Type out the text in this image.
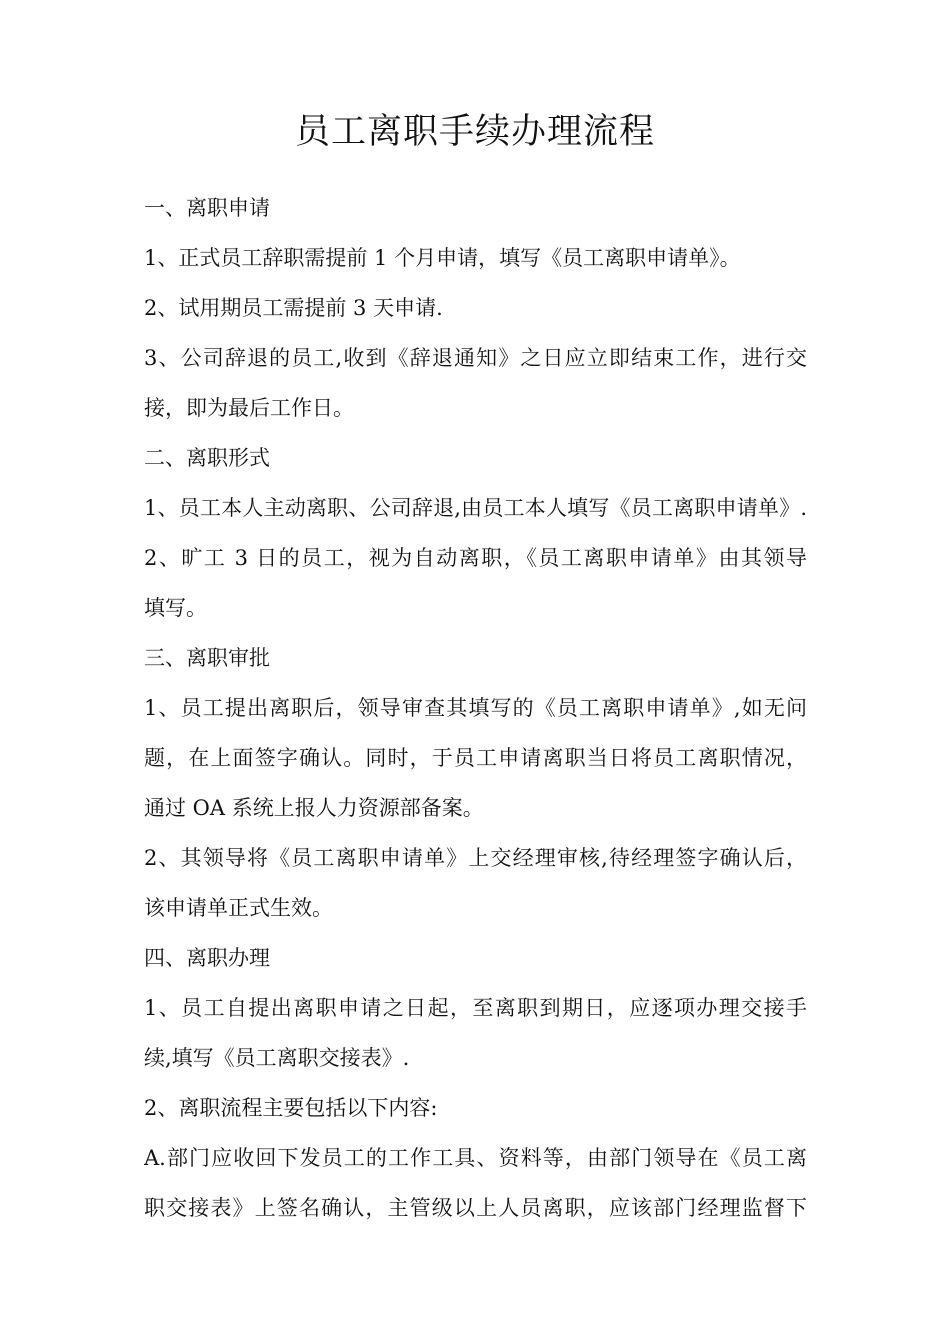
员工离职手续办理流程
一、离职申请
1、正式员工辞职需提前 1 个月申请，填写《员工离职申请单》。
2、试用期员工需提前 3 天申请.
3、公司辞退的员工,收到《辞退通知》之日应立即结束工作，进行交
接，即为最后工作日。
二、离职形式
1、员工本人主动离职、公司辞退,由员工本人填写《员工离职申请单》.
2、旷工 3 日的员工，视为自动离职，《员工离职申请单》由其领导
填写。
三、离职审批
1、员工提出离职后，领导审查其填写的《员工离职申请单》,如无问
题，在上面签字确认。同时，于员工申请离职当日将员工离职情况，
通过 OA 系统上报人力资源部备案。
2、其领导将《员工离职申请单》上交经理审核,待经理签字确认后，
该申请单正式生效。
四、离职办理
1、员工自提出离职申请之日起，至离职到期日，应逐项办理交接手
续,填写《员工离职交接表》.
2、离职流程主要包括以下内容:
A.部门应收回下发员工的工作工具、资料等，由部门领导在《员工离
职交接表》上签名确认，主管级以上人员离职，应该部门经理监督下
